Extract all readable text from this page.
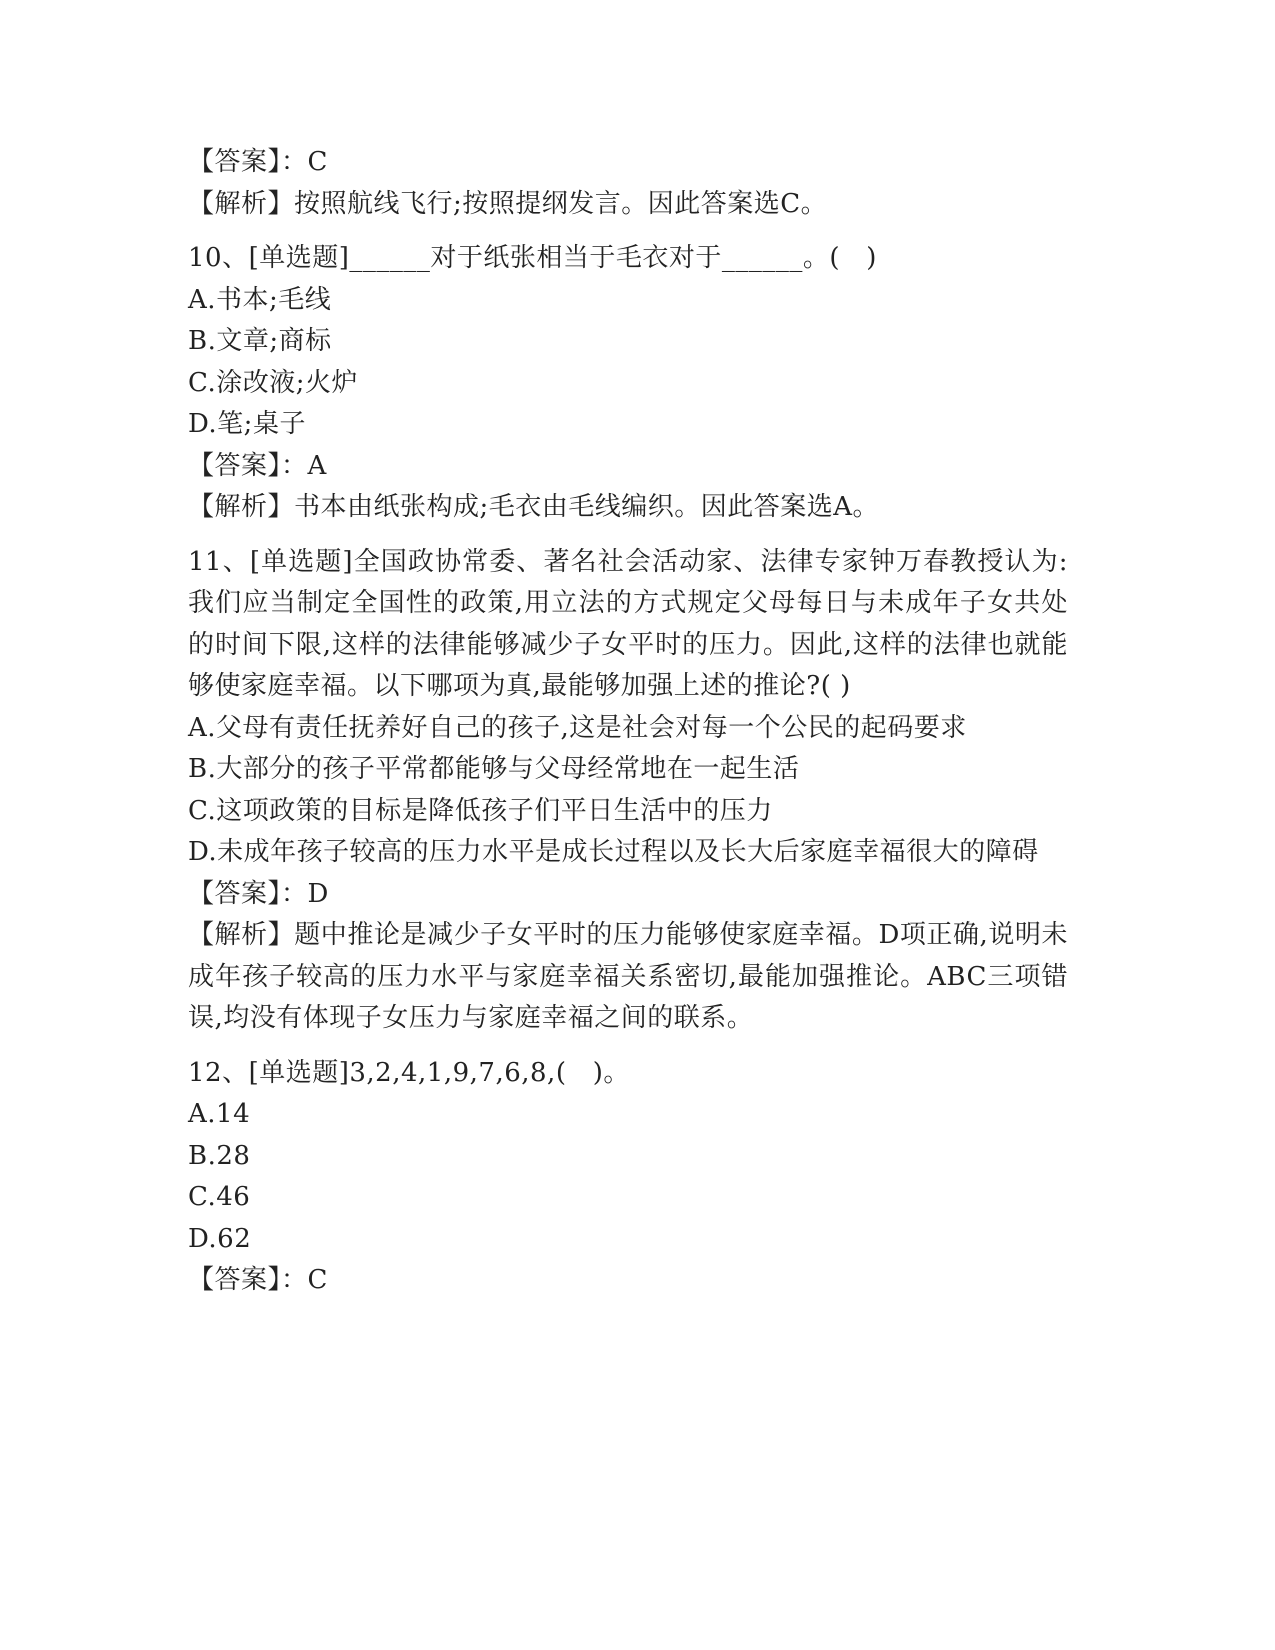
【答案】：C
【解析】按照航线飞行;按照提纲发言。因此答案选C。
10、[单选题]______对于纸张相当于毛衣对于______。(   )
A.书本;毛线
B.文章;商标
C.涂改液;火炉
D.笔;桌子
【答案】：A
【解析】书本由纸张构成;毛衣由毛线编织。因此答案选A。
11、[单选题]全国政协常委、著名社会活动家、法律专家钟万春教授认为:我们应当制定全国性的政策,用立法的方式规定父母每日与未成年子女共处的时间下限,这样的法律能够减少子女平时的压力。因此,这样的法律也就能够使家庭幸福。以下哪项为真,最能够加强上述的推论?( )
A.父母有责任抚养好自己的孩子,这是社会对每一个公民的起码要求
B.大部分的孩子平常都能够与父母经常地在一起生活
C.这项政策的目标是降低孩子们平日生活中的压力
D.未成年孩子较高的压力水平是成长过程以及长大后家庭幸福很大的障碍
【答案】：D
【解析】题中推论是减少子女平时的压力能够使家庭幸福。D项正确,说明未成年孩子较高的压力水平与家庭幸福关系密切,最能加强推论。ABC三项错误,均没有体现子女压力与家庭幸福之间的联系。
12、[单选题]3,2,4,1,9,7,6,8,(   )。
A.14
B.28
C.46
D.62
【答案】：C
